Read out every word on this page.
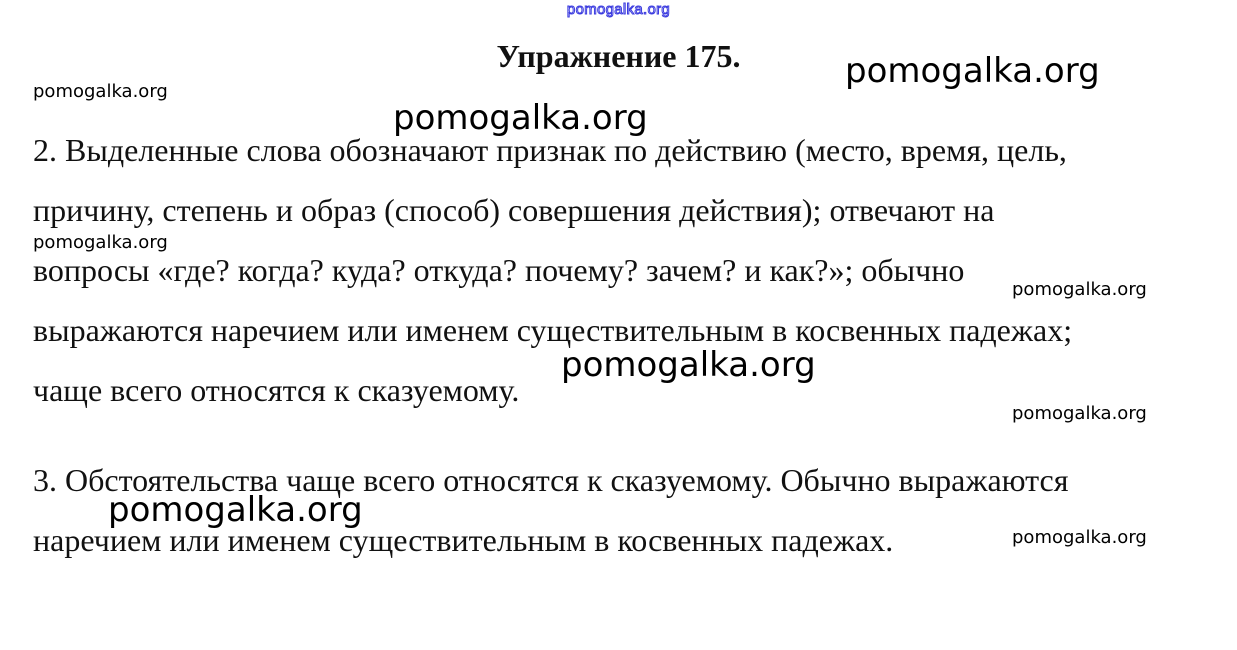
pomogalka.org
Упражнение 175.
2. Выделенные слова обозначают признак по действию (место, время, цель,
причину, степень и образ (способ) совершения действия); отвечают на
вопросы «где? когда? куда? откуда? почему? зачем? и как?»; обычно
выражаются наречием или именем существительным в косвенных падежах;
чаще всего относятся к сказуемому.
3. Обстоятельства чаще всего относятся к сказуемому. Обычно выражаются
наречием или именем существительным в косвенных падежах.
pomogalka.org
pomogalka.org
pomogalka.org
pomogalka.org
pomogalka.org
pomogalka.org
pomogalka.org
pomogalka.org
pomogalka.org
